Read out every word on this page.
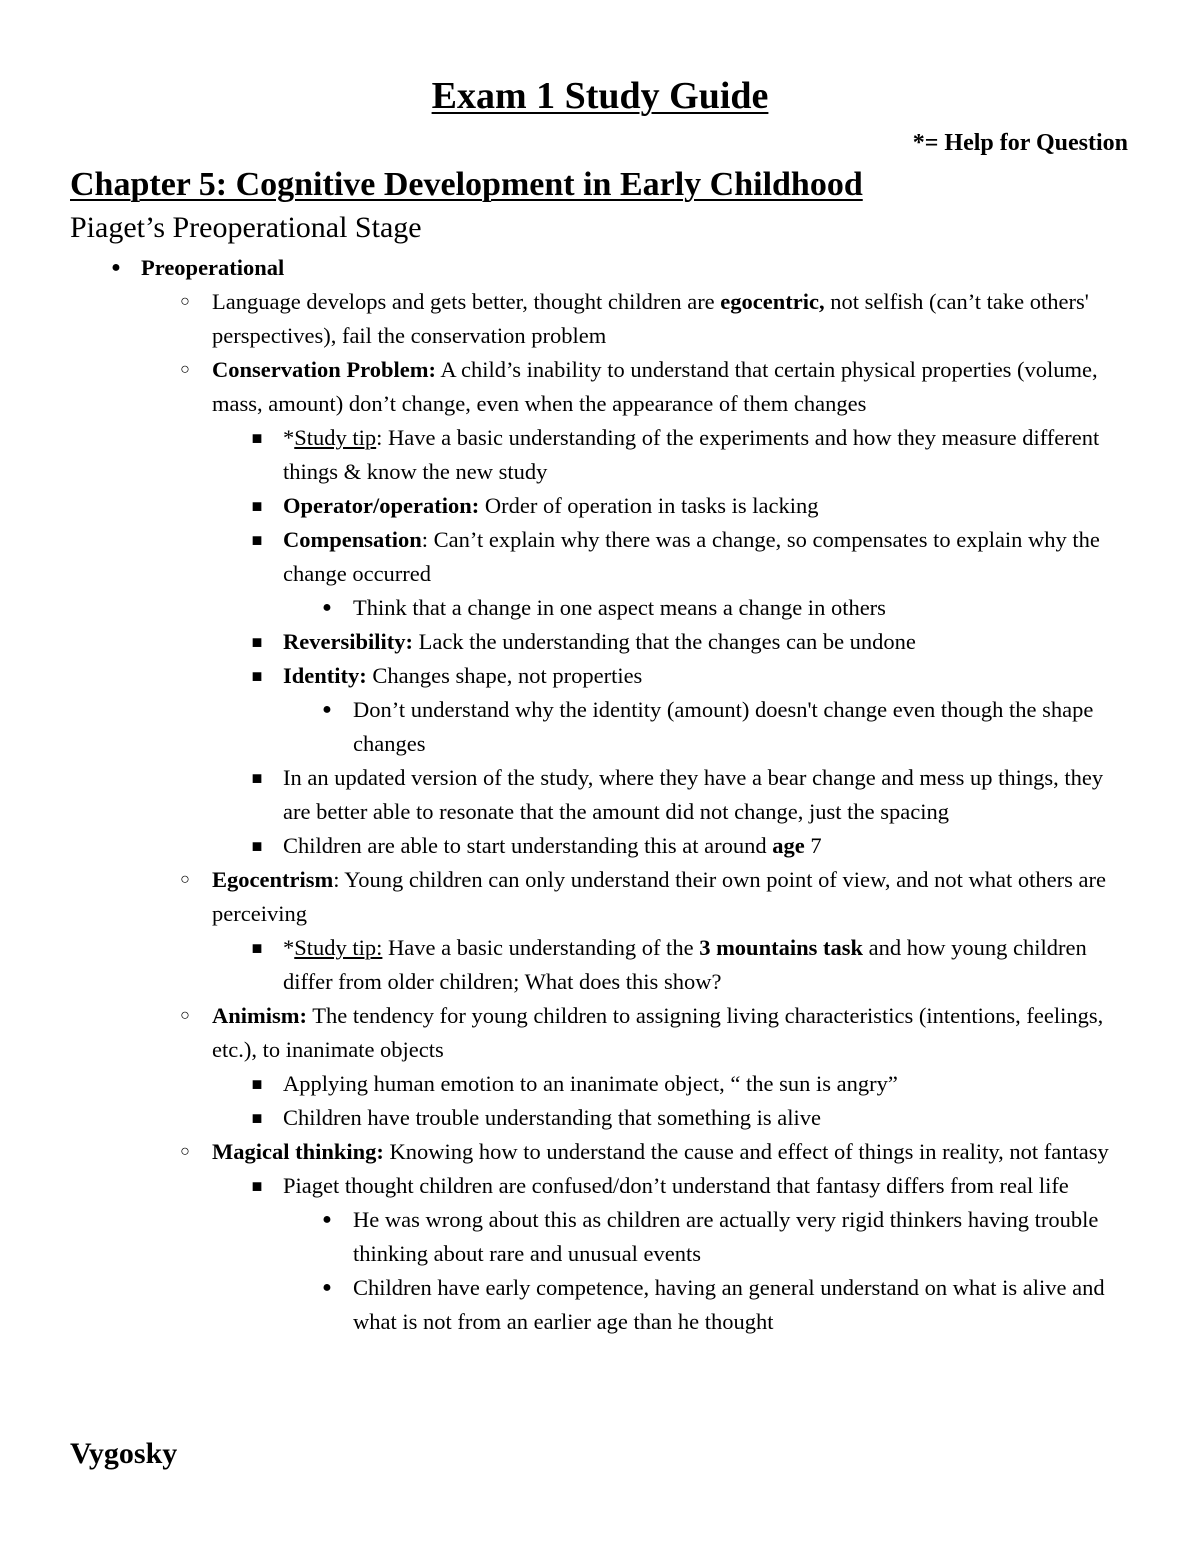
Exam 1 Study Guide
*= Help for Question
Chapter 5: Cognitive Development in Early Childhood
Piaget’s Preoperational Stage
● Preoperational
○ Language develops and gets better, thought children are egocentric, not selfish (can’t take others' perspectives), fail the conservation problem
○ Conservation Problem: A child’s inability to understand that certain physical properties (volume, mass, amount) don’t change, even when the appearance of them changes
■ *Study tip: Have a basic understanding of the experiments and how they measure different things & know the new study
■ Operator/operation: Order of operation in tasks is lacking
■ Compensation: Can’t explain why there was a change, so compensates to explain why the change occurred
● Think that a change in one aspect means a change in others
■ Reversibility: Lack the understanding that the changes can be undone
■ Identity: Changes shape, not properties
● Don’t understand why the identity (amount) doesn't change even though the shape changes
■ In an updated version of the study, where they have a bear change and mess up things, they are better able to resonate that the amount did not change, just the spacing
■ Children are able to start understanding this at around age 7
○ Egocentrism: Young children can only understand their own point of view, and not what others are perceiving
■ *Study tip: Have a basic understanding of the 3 mountains task and how young children differ from older children; What does this show?
○ Animism: The tendency for young children to assigning living characteristics (intentions, feelings, etc.), to inanimate objects
■ Applying human emotion to an inanimate object, “ the sun is angry”
■ Children have trouble understanding that something is alive
○ Magical thinking: Knowing how to understand the cause and effect of things in reality, not fantasy
■ Piaget thought children are confused/don’t understand that fantasy differs from real life
● He was wrong about this as children are actually very rigid thinkers having trouble thinking about rare and unusual events
● Children have early competence, having an general understand on what is alive and what is not from an earlier age than he thought
Vygosky
